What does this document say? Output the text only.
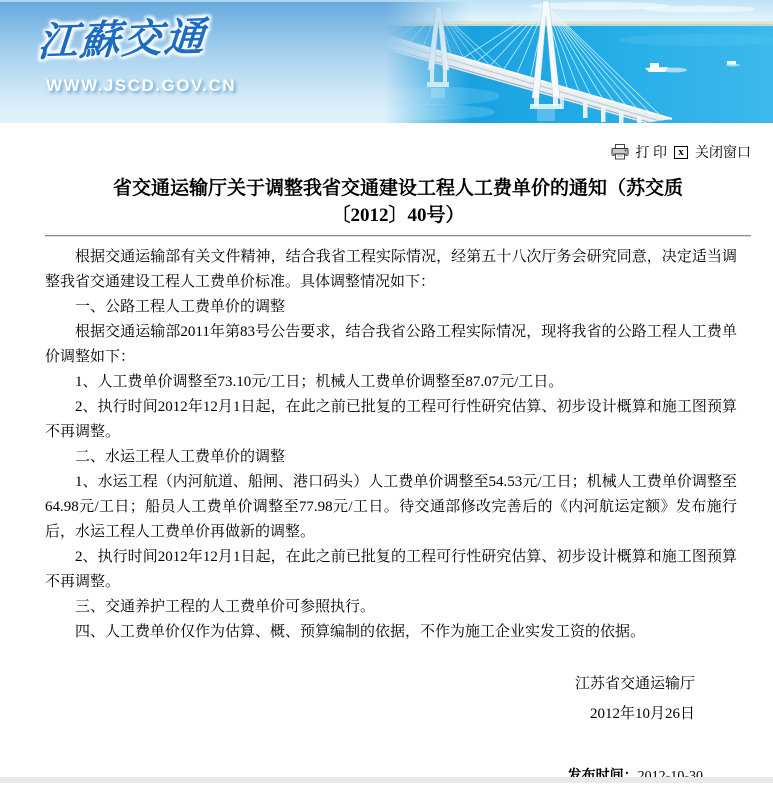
江蘇交通
WWW.JSCD.GOV.CN
打 印	x 关闭窗口
省交通运输厅关于调整我省交通建设工程人工费单价的通知（苏交质〔2012〕40号）

根据交通运输部有关文件精神，结合我省工程实际情况，经第五十八次厅务会研究同意，决定适当调整我省交通建设工程人工费单价标准。具体调整情况如下：

一、公路工程人工费单价的调整

根据交通运输部2011年第83号公告要求，结合我省公路工程实际情况，现将我省的公路工程人工费单价调整如下：

1、人工费单价调整至73.10元/工日；机械人工费单价调整至87.07元/工日。

2、执行时间2012年12月1日起，在此之前已批复的工程可行性研究估算、初步设计概算和施工图预算不再调整。

二、水运工程人工费单价的调整

1、水运工程（内河航道、船闸、港口码头）人工费单价调整至54.53元/工日；机械人工费单价调整至64.98元/工日；船员人工费单价调整至77.98元/工日。待交通部修改完善后的《内河航运定额》发布施行后，水运工程人工费单价再做新的调整。

2、执行时间2012年12月1日起，在此之前已批复的工程可行性研究估算、初步设计概算和施工图预算不再调整。

三、交通养护工程的人工费单价可参照执行。

四、人工费单价仅作为估算、概、预算编制的依据，不作为施工企业实发工资的依据。

江苏省交通运输厅
2012年10月26日
